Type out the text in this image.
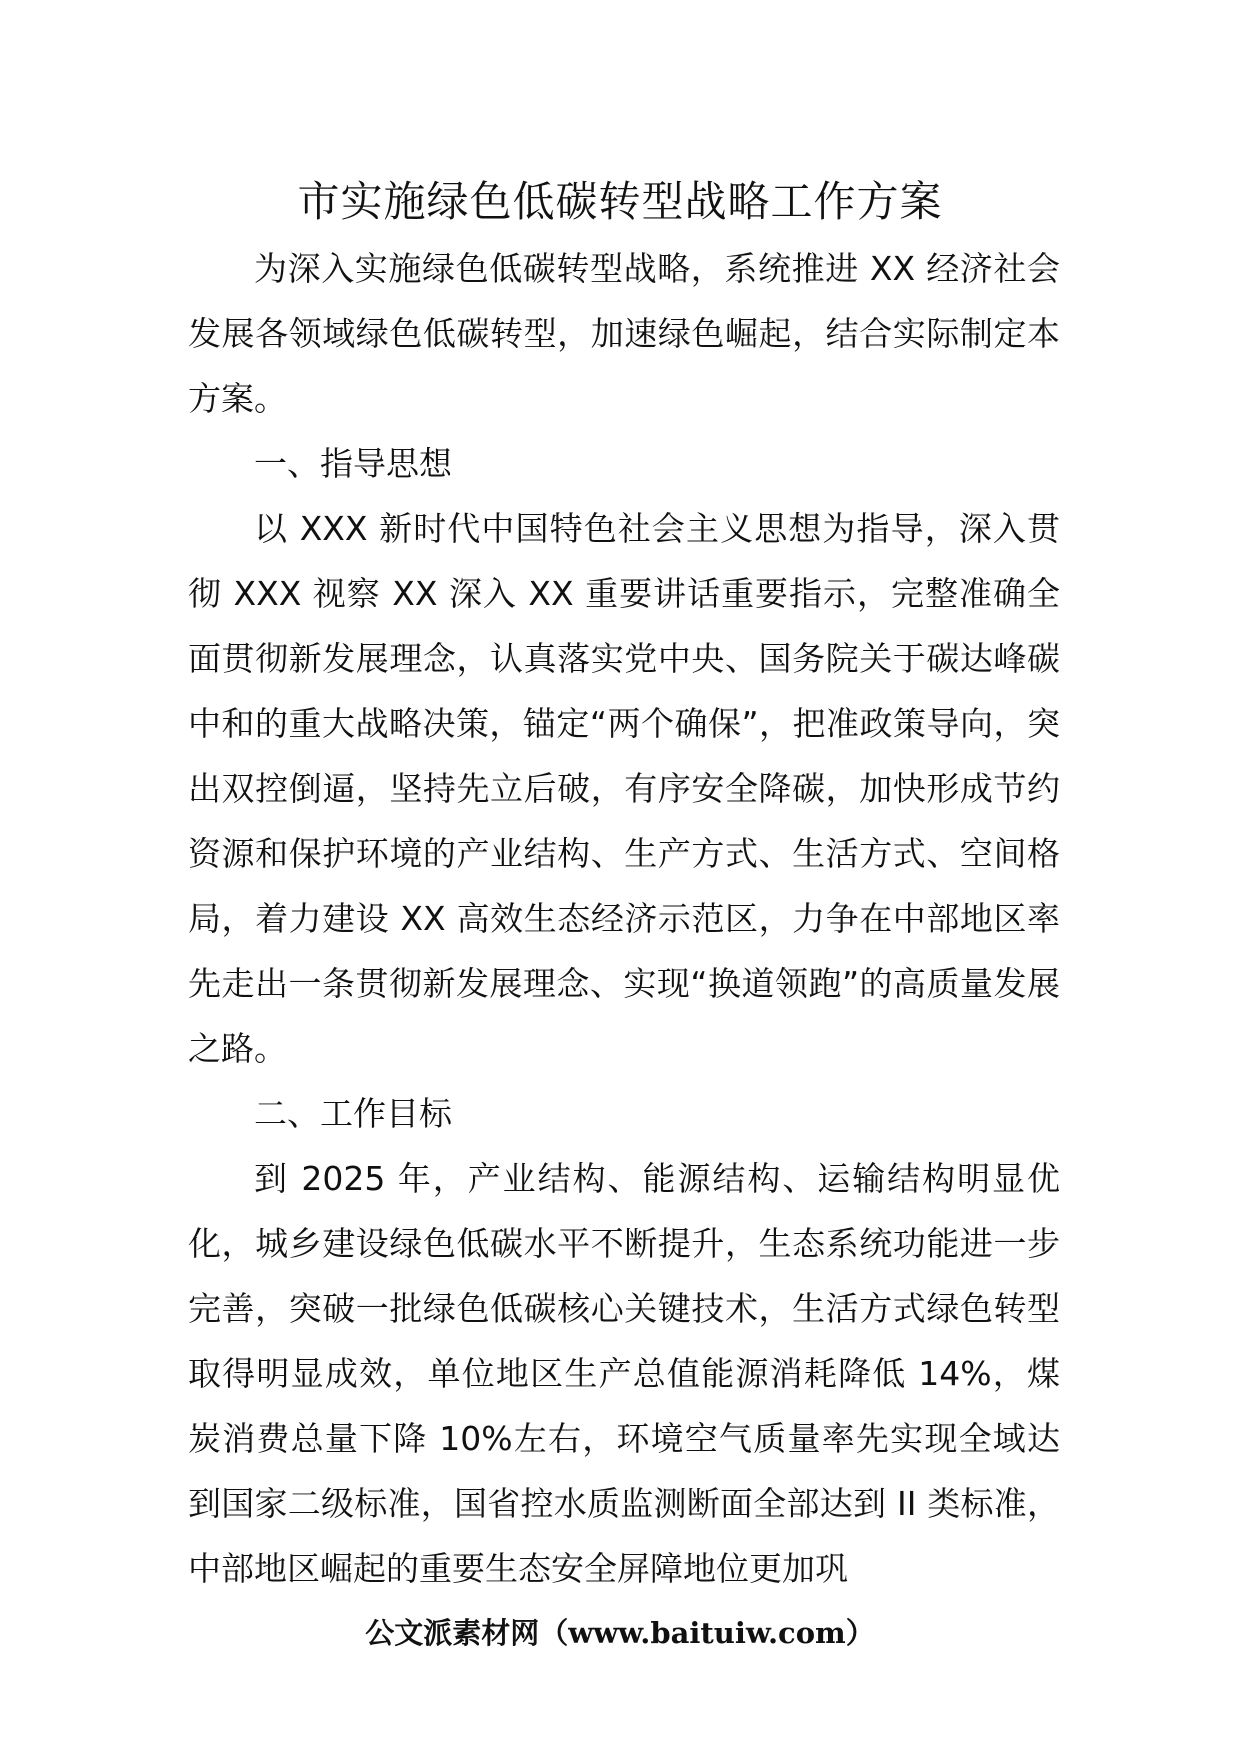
市实施绿色低碳转型战略工作方案

为深入实施绿色低碳转型战略，系统推进 XX 经济社会发展各领域绿色低碳转型，加速绿色崛起，结合实际制定本方案。

一、指导思想

以 XXX 新时代中国特色社会主义思想为指导，深入贯彻 XXX 视察 XX 深入 XX 重要讲话重要指示，完整准确全面贯彻新发展理念，认真落实党中央、国务院关于碳达峰碳中和的重大战略决策，锚定“两个确保”，把准政策导向，突出双控倒逼，坚持先立后破，有序安全降碳，加快形成节约资源和保护环境的产业结构、生产方式、生活方式、空间格局，着力建设 XX 高效生态经济示范区，力争在中部地区率先走出一条贯彻新发展理念、实现“换道领跑”的高质量发展之路。

二、工作目标

到 2025 年，产业结构、能源结构、运输结构明显优化，城乡建设绿色低碳水平不断提升，生态系统功能进一步完善，突破一批绿色低碳核心关键技术，生活方式绿色转型取得明显成效，单位地区生产总值能源消耗降低 14%，煤炭消费总量下降 10%左右，环境空气质量率先实现全域达到国家二级标准，国省控水质监测断面全部达到 II 类标准，中部地区崛起的重要生态安全屏障地位更加巩

公文派素材网（www.baituiw.com）
